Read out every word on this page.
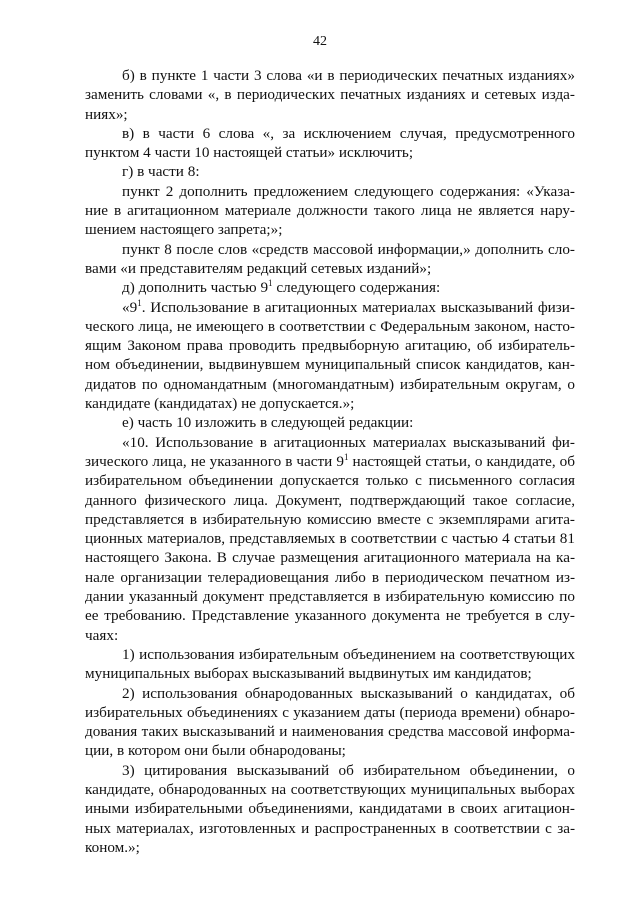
42

б) в пункте 1 части 3 слова «и в периодических печатных изданиях» заменить словами «, в периодических печатных изданиях и сетевых изда- ниях»;

в) в части 6 слова «, за исключением случая, предусмотренного пунктом 4 части 10 настоящей статьи» исключить;

г) в части 8:

пункт 2 дополнить предложением следующего содержания: «Указа- ние в агитационном материале должности такого лица не является нару- шением настоящего запрета;»;

пункт 8 после слов «средств массовой информации,» дополнить сло- вами «и представителям редакций сетевых изданий»;

д) дополнить частью $9^1$ следующего содержания:

«$9^1$. Использование в агитационных материалах высказываний физи- ческого лица, не имеющего в соответствии с Федеральным законом, насто- ящим Законом права проводить предвыборную агитацию, об избиратель- ном объединении, выдвинувшем муниципальный список кандидатов, кан- дидатов по одномандатным (многомандатным) избирательным округам, о кандидате (кандидатах) не допускается.»;

е) часть 10 изложить в следующей редакции:

«10. Использование в агитационных материалах высказываний фи- зического лица, не указанного в части $9^1$ настоящей статьи, о кандидате, об избирательном объединении допускается только с письменного согласия данного физического лица. Документ, подтверждающий такое согласие, представляется в избирательную комиссию вместе с экземплярами агита- ционных материалов, представляемых в соответствии с частью 4 статьи 81 настоящего Закона. В случае размещения агитационного материала на ка- нале организации телерадиовещания либо в периодическом печатном из- дании указанный документ представляется в избирательную комиссию по ее требованию. Представление указанного документа не требуется в слу- чаях:

1) использования избирательным объединением на соответствующих муниципальных выборах высказываний выдвинутых им кандидатов;

2) использования обнародованных высказываний о кандидатах, об избирательных объединениях с указанием даты (периода времени) обнаро- дования таких высказываний и наименования средства массовой информа- ции, в котором они были обнародованы;

3) цитирования высказываний об избирательном объединении, о кандидате, обнародованных на соответствующих муниципальных выборах иными избирательными объединениями, кандидатами в своих агитацион- ных материалах, изготовленных и распространенных в соответствии с за- коном.»;
